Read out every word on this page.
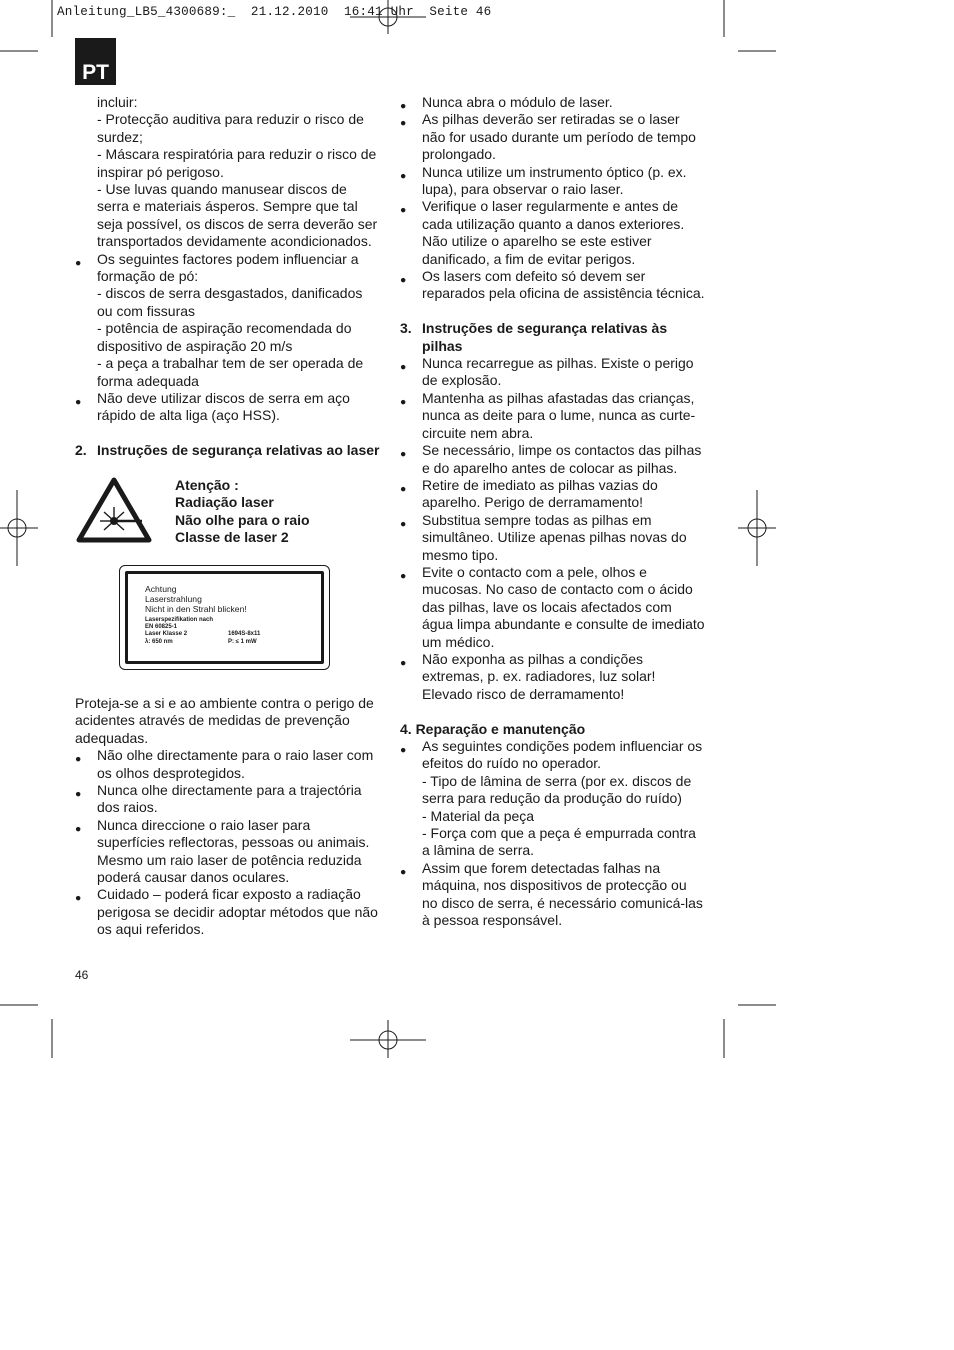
Anleitung_LB5_4300689:_  21.12.2010  16:41 Uhr  Seite 46
PT

incluir:

- Protecção auditiva para reduzir o risco de surdez;

- Máscara respiratória para reduzir o risco de inspirar pó perigoso.

- Use luvas quando manusear discos de serra e materiais ásperos. Sempre que tal seja possível, os discos de serra deverão ser transportados devidamente acondicionados.

● Os seguintes factores podem influenciar a formação de pó:

- discos de serra desgastados, danificados ou com fissuras

- potência de aspiração recomendada do dispositivo de aspiração 20 m/s

- a peça a trabalhar tem de ser operada de forma adequada

● Não deve utilizar discos de serra em aço rápido de alta liga (aço HSS).

2. Instruções de segurança relativas ao laser

Atenção :

Radiação laser

Não olhe para o raio

Classe de laser 2

Achtung

Laserstrahlung

Nicht in den Strahl blicken!

Laserspezifikation nach

EN 60825-1

Laser Klasse 2	1694S-8x11

λ: 650 nm	P: ≤ 1 mW

Proteja-se a si e ao ambiente contra o perigo de acidentes através de medidas de prevenção adequadas.

● Não olhe directamente para o raio laser com os olhos desprotegidos.

● Nunca olhe directamente para a trajectória dos raios.

● Nunca direccione o raio laser para superfícies reflectoras, pessoas ou animais. Mesmo um raio laser de potência reduzida poderá causar danos oculares.

● Cuidado – poderá ficar exposto a radiação perigosa se decidir adoptar métodos que não os aqui referidos.

46

● Nunca abra o módulo de laser.

● As pilhas deverão ser retiradas se o laser não for usado durante um período de tempo prolongado.

● Nunca utilize um instrumento óptico (p. ex. lupa), para observar o raio laser.

● Verifique o laser regularmente e antes de cada utilização quanto a danos exteriores. Não utilize o aparelho se este estiver danificado, a fim de evitar perigos.

● Os lasers com defeito só devem ser reparados pela oficina de assistência técnica.

3. Instruções de segurança relativas às pilhas

● Nunca recarregue as pilhas. Existe o perigo de explosão.

● Mantenha as pilhas afastadas das crianças, nunca as deite para o lume, nunca as curte-circuite nem abra.

● Se necessário, limpe os contactos das pilhas e do aparelho antes de colocar as pilhas.

● Retire de imediato as pilhas vazias do aparelho. Perigo de derramamento!

● Substitua sempre todas as pilhas em simultâneo. Utilize apenas pilhas novas do mesmo tipo.

● Evite o contacto com a pele, olhos e mucosas. No caso de contacto com o ácido das pilhas, lave os locais afectados com água limpa abundante e consulte de imediato um médico.

● Não exponha as pilhas a condições extremas, p. ex. radiadores, luz solar! Elevado risco de derramamento!

4. Reparação e manutenção

● As seguintes condições podem influenciar os efeitos do ruído no operador.

- Tipo de lâmina de serra (por ex. discos de serra para redução da produção do ruído)

- Material da peça

- Força com que a peça é empurrada contra a lâmina de serra.

● Assim que forem detectadas falhas na máquina, nos dispositivos de protecção ou no disco de serra, é necessário comunicá-las à pessoa responsável.
